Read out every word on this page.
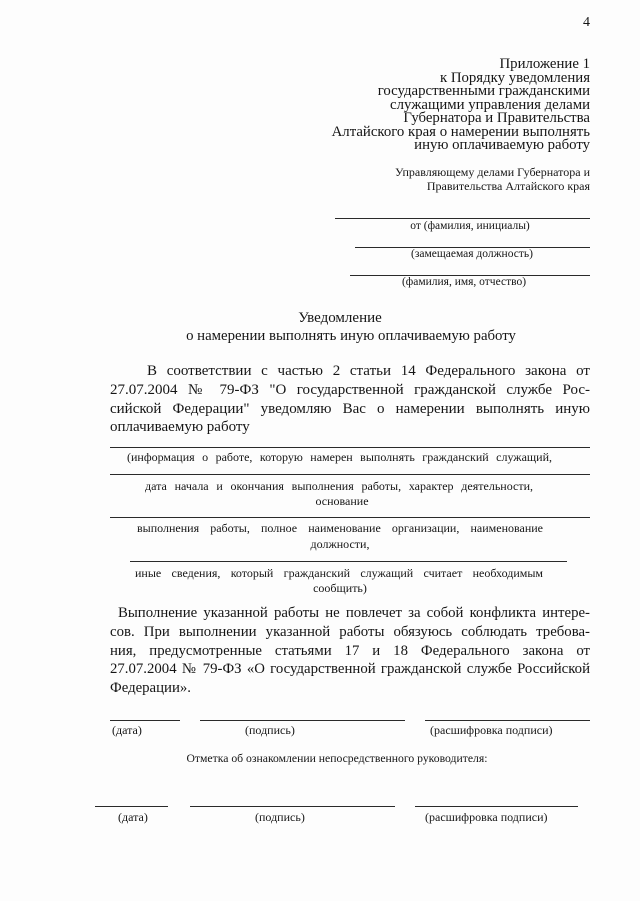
4
Приложение 1
к Порядку уведомления
государственными гражданскими
служащими управления делами
Губернатора и Правительства
Алтайского края о намерении выполнять
иную оплачиваемую работу
Управляющему делами Губернатора и
Правительства Алтайского края
от (фамилия, инициалы)
(замещаемая должность)
(фамилия, имя, отчество)
Уведомление
о намерении выполнять иную оплачиваемую работу
В соответствии с частью 2 статьи 14 Федерального закона от
27.07.2004 № 79-ФЗ "О государственной гражданской службе Рос-
сийской Федерации" уведомляю Вас о намерении выполнять иную
оплачиваемую работу
(информация о работе, которую намерен выполнять гражданский служащий,
дата начала и окончания выполнения работы, характер деятельности,
основание
выполнения работы, полное наименование организации, наименование
должности,
иные сведения, который гражданский служащий считает необходимым
сообщить)
Выполнение указанной работы не повлечет за собой конфликта интере-
сов. При выполнении указанной работы обязуюсь соблюдать требова-
ния, предусмотренные статьями 17 и 18 Федерального закона от
27.07.2004 № 79-ФЗ «О государственной гражданской службе Российской
Федерации».
(дата)	(подпись)	(расшифровка подписи)
Отметка об ознакомлении непосредственного руководителя:
(дата)	(подпись)	(расшифровка подписи)
